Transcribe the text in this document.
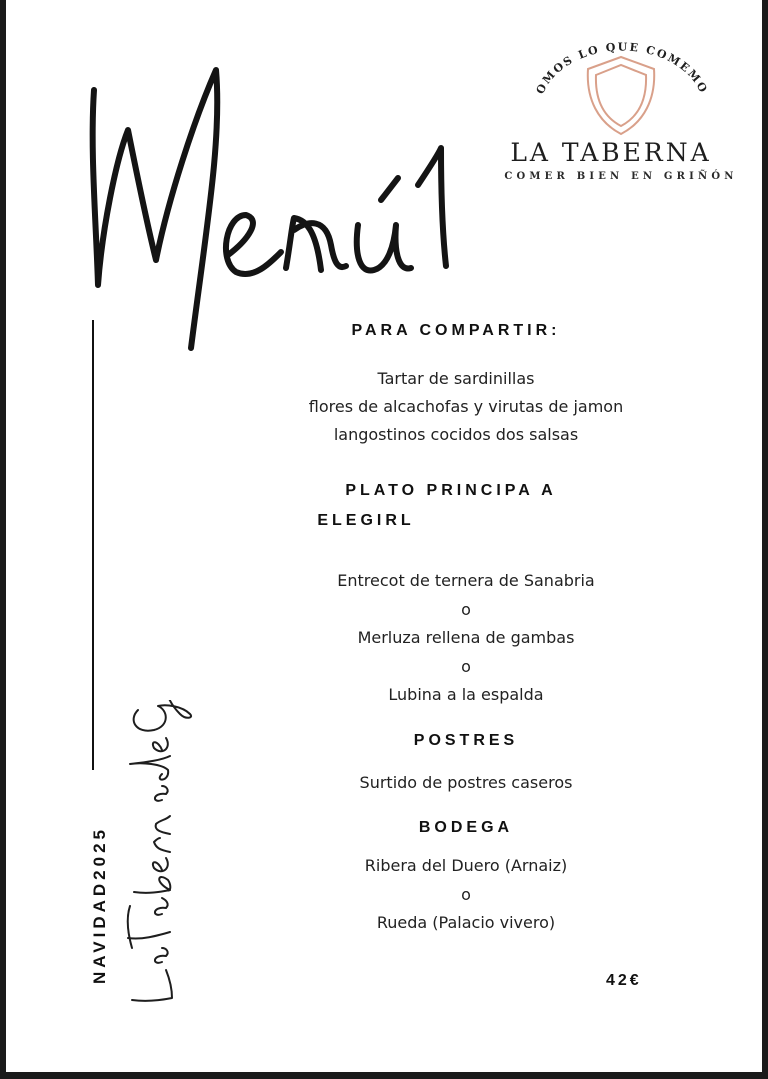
OMOS LO QUE COMEMO
LA TABERNA
COMER BIEN EN GRIÑÓN
NAVIDAD2025
PARA COMPARTIR:
Tartar de sardinillas
flores de alcachofas y virutas de jamon
langostinos cocidos dos salsas
PLATO PRINCIPA A
ELEGIRL
Entrecot de ternera de Sanabria
o
Merluza rellena de gambas
o
Lubina a la espalda
POSTRES
Surtido de postres caseros
BODEGA
Ribera del Duero (Arnaiz)
o
Rueda (Palacio vivero)
42€
